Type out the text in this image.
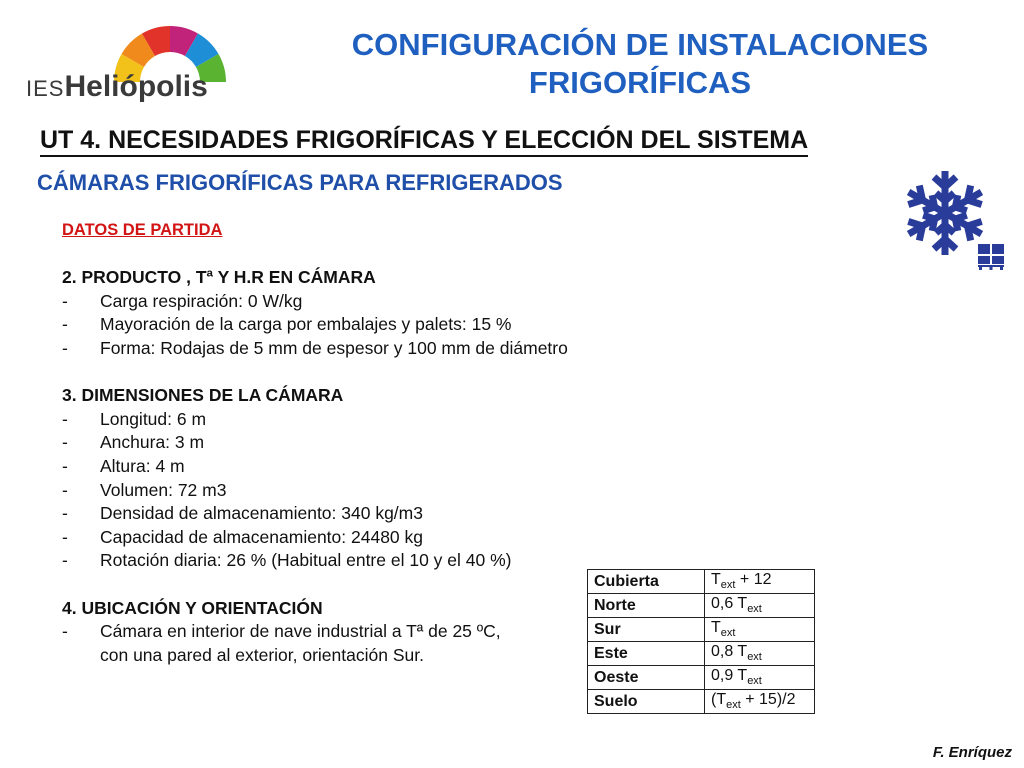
IESHeliópolis
CONFIGURACIÓN DE INSTALACIONES
FRIGORÍFICAS
UT 4. NECESIDADES FRIGORÍFICAS Y ELECCIÓN DEL SISTEMA
CÁMARAS FRIGORÍFICAS PARA REFRIGERADOS
DATOS DE PARTIDA
2. PRODUCTO , Tª Y H.R EN CÁMARA
-	Carga respiración: 0 W/kg
-	Mayoración de la carga por embalajes y palets: 15 %
-	Forma: Rodajas de 5 mm de espesor y 100 mm de diámetro
3. DIMENSIONES DE LA CÁMARA
-	Longitud: 6 m
-	Anchura: 3 m
-	Altura: 4 m
-	Volumen: 72 m3
-	Densidad de almacenamiento: 340 kg/m3
-	Capacidad de almacenamiento: 24480 kg
-	Rotación diaria: 26 % (Habitual entre el 10 y el 40 %)
4. UBICACIÓN Y ORIENTACIÓN
-	Cámara en interior de nave industrial a Tª de 25 ºC,
con una pared al exterior, orientación Sur.
Cubierta	$T_{ext} + 12$
Norte	0,6 $T_{ext}$
Sur	$T_{ext}$
Este	0,8 $T_{ext}$
Oeste	0,9 $T_{ext}$
Suelo	$(T_{ext} + 15)/2$
F. Enríquez
